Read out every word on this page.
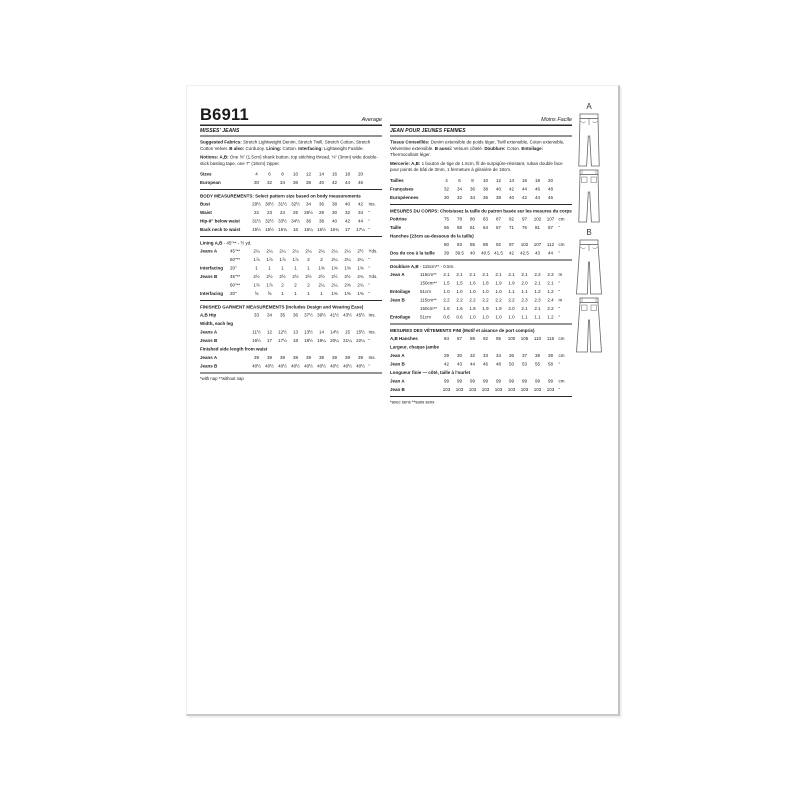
B6911	Average
MISSES' JEANS

Suggested Fabrics: Stretch Lightweight Denim, Stretch Twill, Stretch Cotton, Stretch Cotton Velvet. B also: Corduroy. Lining: Cotton. Interfacing: Lightweight Fusible.

Notions: A,B: One ⅝" (1.5cm) shank button, top stitching thread, ⅛" (3mm) wide double-stick basting tape, one 7" (18cm) zipper.

Sizes	4	6	8	10	12	14	16	18	20	
European	30	32	34	36	38	40	42	44	46	
BODY MEASUREMENTS: Select pattern size based on body measurements
Bust	29½	30½	31½	32½	34	36	38	40	42	Ins.
Waist	22	23	24	25	26½	28	30	32	34	"
Hip-9" below waist	31½	32½	33½	34½	36	38	40	42	44	"
Back neck to waist	15½	15½	15¾	16	16¼	16½	16¾	17	17¼	"

Lining A,B - 45"** - ½ yd.

Jeans A	45"**	2¼	2¼	2¼	2¼	2¼	2¼	2¼	2¼	2½	Yds.
	60"**	1⅞	1⅞	1⅞	1⅞	2	2	2¼	2¼	2¼	"
Interfacing	20"	1	1	1	1	1	1⅜	1⅜	1⅜	1⅜	"
Jeans B	45"**	2½	2½	2½	2½	2½	2½	2½	2½	2¾	Yds.
	60"**	1⅞	1⅞	2	2	2	2¼	2¼	2⅜	2¾	"
Interfacing	20"	⅝	⅝	1	1	1	1	1⅜	1⅜	1⅜	"
FINISHED GARMENT MEASUREMENTS (Includes Design and Wearing Ease)
A,B Hip	33	34	35	36	37½	39½	41½	43½	45½	Ins.
Width, each leg										
Jeans A	11½	12	12½	13	13½	14	14½	15	15½	Ins.
Jeans B	16½	17	17½	18	18½	19¼	20¼	21¼	22¼	"
Finished side length from waist										
Jeans A	39	39	39	39	39	39	39	39	39	Ins.
Jeans B	40½	40½	40½	40½	40½	40½	40½	40½	40½	"
*with nap **without nap
Moins Facile
JEAN POUR JEUNES FEMMES

Tissus Conseillés: Denim extensible de poids léger, Twill extensible, Coton extensible, Velventine extensible. B aussi: Velours côtelé. Doublure: Coton. Entoilage: Thermocollant léger.

Mercerie: A,B: 1 bouton de tige de 1.5cm, fil de surpiqûre-résistant, ruban double face pour points de bâti de 3mm, 1 fermeture à glissière de 18cm.

Tailles	4	6	8	10	12	14	16	18	20	
Françaises	32	34	36	38	40	42	44	46	48	
Européennes	30	32	34	36	38	40	42	44	46	
MESURES DU CORPS: Choisissez la taille du patron basée sur les mesures du corps
Poitrine	75	78	80	83	87	92	97	102	107	cm
Taille	56	58	61	64	67	71	76	81	87	"
Hanches (23cm au-dessous de la taille)										
	80	83	85	88	92	97	102	107	112	cm
Dos du cou à la taille	39	39.5	40	40.5	41.5	42	42.5	43	44	"

Doublure A,B - 115cm** - 0.5m.

Jean A	115cm**	2.1	2.1	2.1	2.1	2.1	2.1	2.1	2.2	2.3	m
	150cm**	1.5	1.5	1.6	1.8	1.9	1.9	2.0	2.1	2.1	"
Entoilage	51cm	1.0	1.0	1.0	1.0	1.0	1.1	1.1	1.2	1.2	"
Jean B	115cm**	2.2	2.2	2.2	2.2	2.2	2.2	2.3	2.3	2.4	m
	150cm**	1.6	1.6	1.8	1.9	1.9	2.0	2.1	2.1	2.2	"
Entoilage	51cm	0.6	0.6	1.0	1.0	1.0	1.0	1.1	1.1	1.2	"
MESURES DES VÊTEMENTS FINI (Motif et aisance de port compris)
A,B Hanches	84	87	89	92	95	100	105	110	116	cm
Largeur, chaque jambe										
Jean A	29	30	32	33	34	36	37	38	39	cm
Jean B	42	43	44	46	48	50	53	55	58	"
Longueur finie — côté, taille à l'ourlet										
Jean A	99	99	99	99	99	99	99	99	99	cm
Jean B	103	103	103	103	103	103	103	103	103	"
*avec sens **sans sens
A
B
